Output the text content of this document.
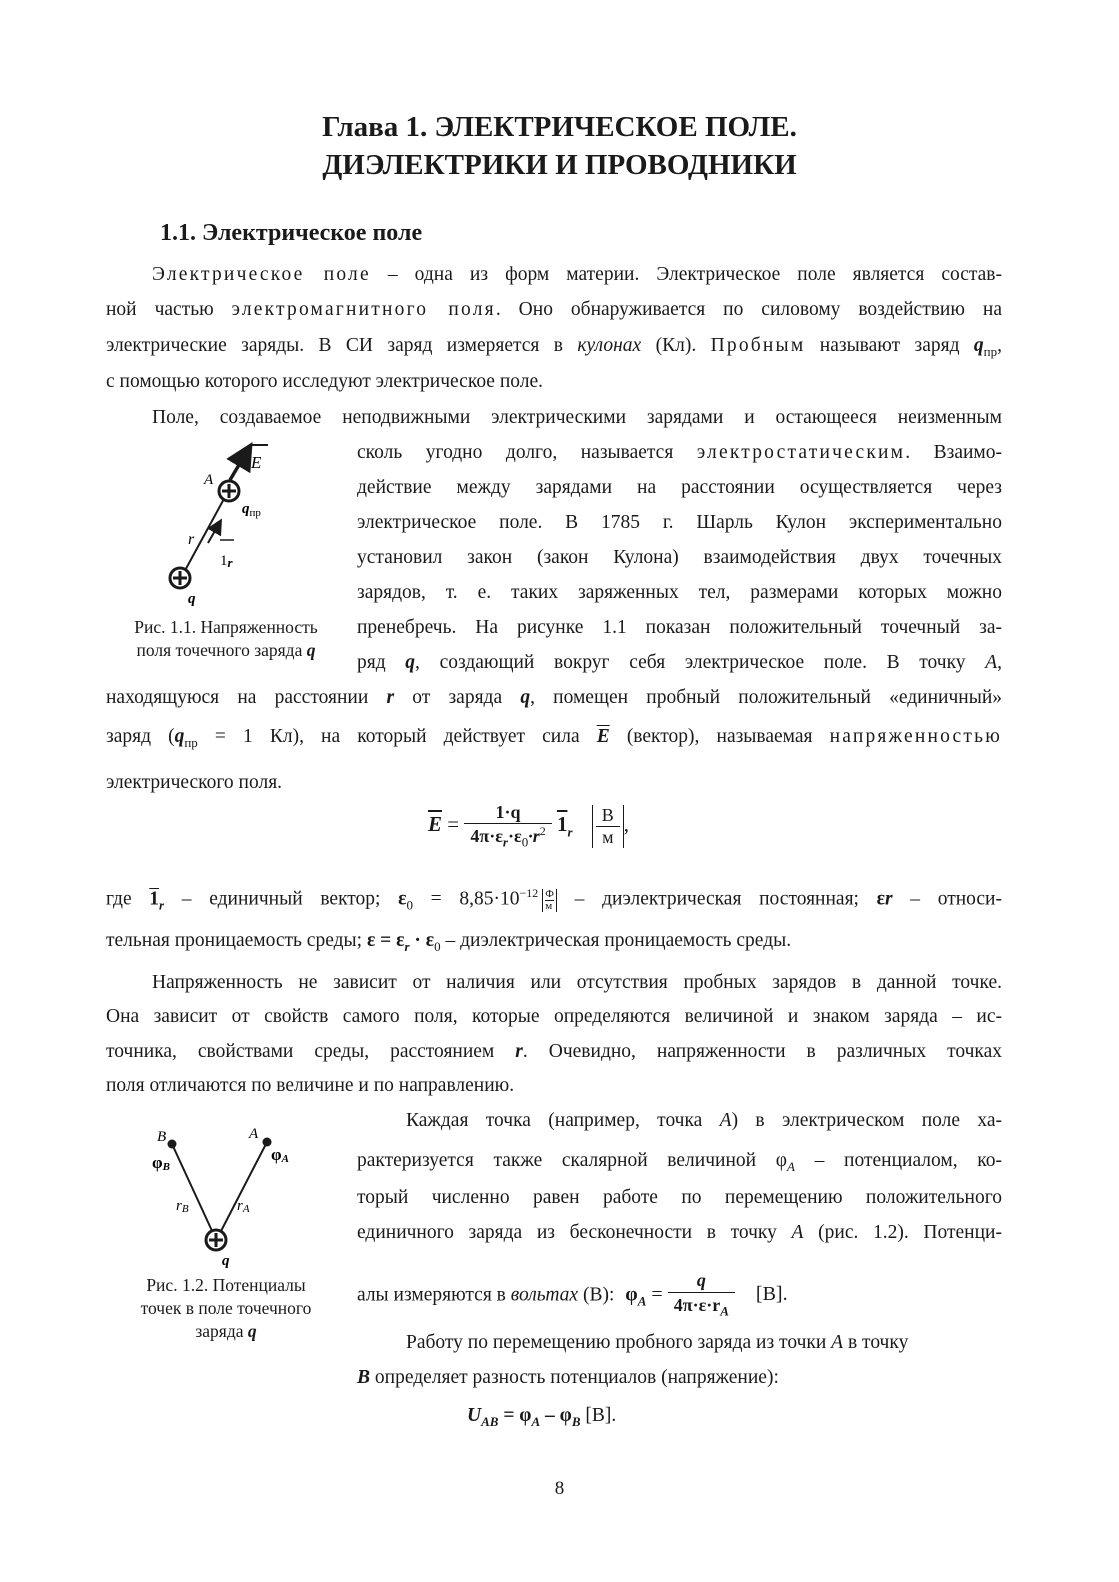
Глава 1. ЭЛЕКТРИЧЕСКОЕ ПОЛЕ.
ДИЭЛЕКТРИКИ И ПРОВОДНИКИ
1.1. Электрическое поле
Электрическое поле – одна из форм материи. Электрическое поле является состав-
ной частью электромагнитного поля. Оно обнаруживается по силовому воздействию на
электрические заряды. В СИ заряд измеряется в кулонах (Кл). Пробным называют заряд $q_{пр}$,
с помощью которого исследуют электрическое поле.
Поле, создаваемое неподвижными электрическими зарядами и остающееся неизменным
сколь угодно долго, называется электростатическим. Взаимо-
действие между зарядами на расстоянии осуществляется через
электрическое поле. В 1785 г. Шарль Кулон экспериментально
установил закон (закон Кулона) взаимодействия двух точечных
зарядов, т. е. таких заряженных тел, размерами которых можно
пренебречь. На рисунке 1.1 показан положительный точечный за-
ряд q, создающий вокруг себя электрическое поле. В точку A,
находящуюся на расстоянии r от заряда q, помещен пробный положительный «единичный»
заряд ($q_{пр} = 1$ Кл), на который действует сила $\overline{E}$ (вектор), называемая напряженностью
электрического поля.
E
A
$q_{пр}$
r
1r
q
Рис. 1.1. Напряженность
поля точечного заряда q
$\overline{E} = \frac{1\cdot q}{4\pi\cdot\varepsilon_r\cdot\varepsilon_0\cdot r^2} 1_r \frac{В}{м}$ ,
где $1_r$ – единичный вектор; $\varepsilon_0 = 8,85\cdot 10^{-12}$ Ф
м – диэлектрическая постоянная; εr – относи-
тельная проницаемость среды; $\varepsilon = \varepsilon_r \cdot \varepsilon_0$ – диэлектрическая проницаемость среды.
Напряженность не зависит от наличия или отсутствия пробных зарядов в данной точке.
Она зависит от свойств самого поля, которые определяются величиной и знаком заряда – ис-
точника, свойствами среды, расстоянием r. Очевидно, напряженности в различных точках
поля отличаются по величине и по направлению.
B	A
φB
φA
rB	rA
q
Рис. 1.2. Потенциалы
точек в поле точечного
заряда q
Каждая точка (например, точка A) в электрическом поле ха-
рактеризуется также скалярной величиной $\varphi_A$ – потенциалом, ко-
торый численно равен работе по перемещению положительного
единичного заряда из бесконечности в точку A (рис. 1.2). Потенци-
алы измеряются в вольтах (В): $\varphi_A = \frac{q}{4\pi\cdot\varepsilon\cdot r_A} [В]$.
Работу по перемещению пробного заряда из точки A в точку
B определяет разность потенциалов (напряжение):
$U_{AB} = \varphi_A - \varphi_B$ [В].
8
